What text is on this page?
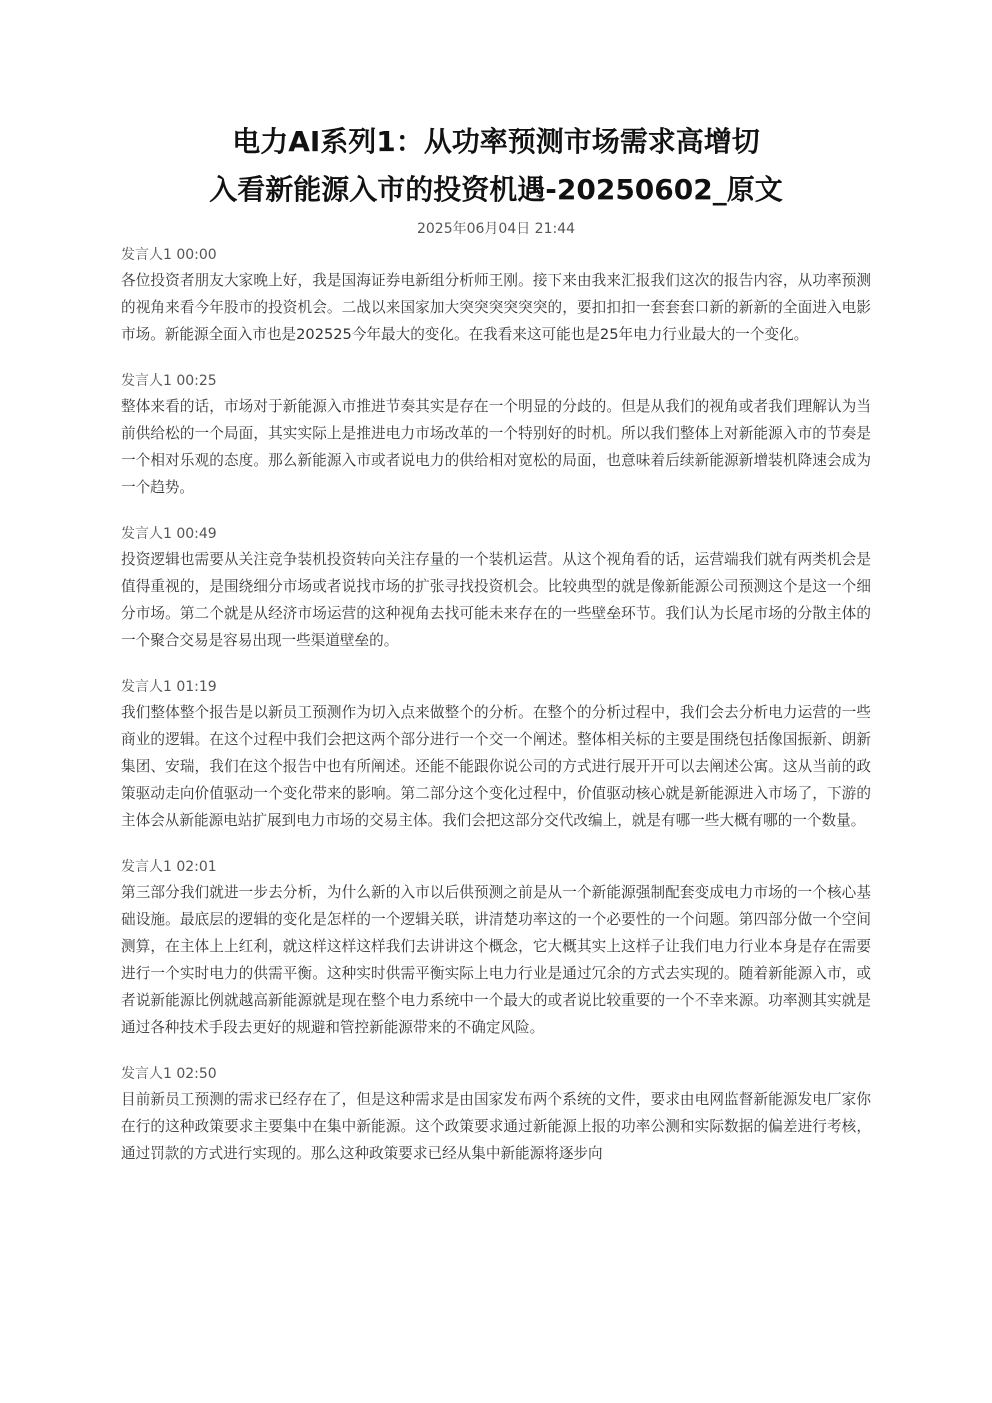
电力AI系列1：从功率预测市场需求高增切
入看新能源入市的投资机遇-20250602_原文
2025年06月04日 21:44
发言人1 00:00
各位投资者朋友大家晚上好，我是国海证券电新组分析师王刚。接下来由我来汇报我们这次的报告内容，从功率预测的视角来看今年股市的投资机会。二战以来国家加大突突突突突突的，要扣扣扣一套套套口新的新新的全面进入电影市场。新能源全面入市也是202525今年最大的变化。在我看来这可能也是25年电力行业最大的一个变化。
发言人1 00:25
整体来看的话，市场对于新能源入市推进节奏其实是存在一个明显的分歧的。但是从我们的视角或者我们理解认为当前供给松的一个局面，其实实际上是推进电力市场改革的一个特别好的时机。所以我们整体上对新能源入市的节奏是一个相对乐观的态度。那么新能源入市或者说电力的供给相对宽松的局面，也意味着后续新能源新增装机降速会成为一个趋势。
发言人1 00:49
投资逻辑也需要从关注竞争装机投资转向关注存量的一个装机运营。从这个视角看的话，运营端我们就有两类机会是值得重视的，是围绕细分市场或者说找市场的扩张寻找投资机会。比较典型的就是像新能源公司预测这个是这一个细分市场。第二个就是从经济市场运营的这种视角去找可能未来存在的一些壁垒环节。我们认为长尾市场的分散主体的一个聚合交易是容易出现一些渠道壁垒的。
发言人1 01:19
我们整体整个报告是以新员工预测作为切入点来做整个的分析。在整个的分析过程中，我们会去分析电力运营的一些商业的逻辑。在这个过程中我们会把这两个部分进行一个交一个阐述。整体相关标的主要是围绕包括像国振新、朗新集团、安瑞，我们在这个报告中也有所阐述。还能不能跟你说公司的方式进行展开开可以去阐述公寓。这从当前的政策驱动走向价值驱动一个变化带来的影响。第二部分这个变化过程中，价值驱动核心就是新能源进入市场了，下游的主体会从新能源电站扩展到电力市场的交易主体。我们会把这部分交代改编上，就是有哪一些大概有哪的一个数量。
发言人1 02:01
第三部分我们就进一步去分析，为什么新的入市以后供预测之前是从一个新能源强制配套变成电力市场的一个核心基础设施。最底层的逻辑的变化是怎样的一个逻辑关联，讲清楚功率这的一个必要性的一个问题。第四部分做一个空间测算，在主体上上红利，就这样这样这样我们去讲讲这个概念，它大概其实上这样子让我们电力行业本身是存在需要进行一个实时电力的供需平衡。这种实时供需平衡实际上电力行业是通过冗余的方式去实现的。随着新能源入市，或者说新能源比例就越高新能源就是现在整个电力系统中一个最大的或者说比较重要的一个不幸来源。功率测其实就是通过各种技术手段去更好的规避和管控新能源带来的不确定风险。
发言人1 02:50
目前新员工预测的需求已经存在了，但是这种需求是由国家发布两个系统的文件，要求由电网监督新能源发电厂家你在行的这种政策要求主要集中在集中新能源。这个政策要求通过新能源上报的功率公测和实际数据的偏差进行考核，通过罚款的方式进行实现的。那么这种政策要求已经从集中新能源将逐步向
